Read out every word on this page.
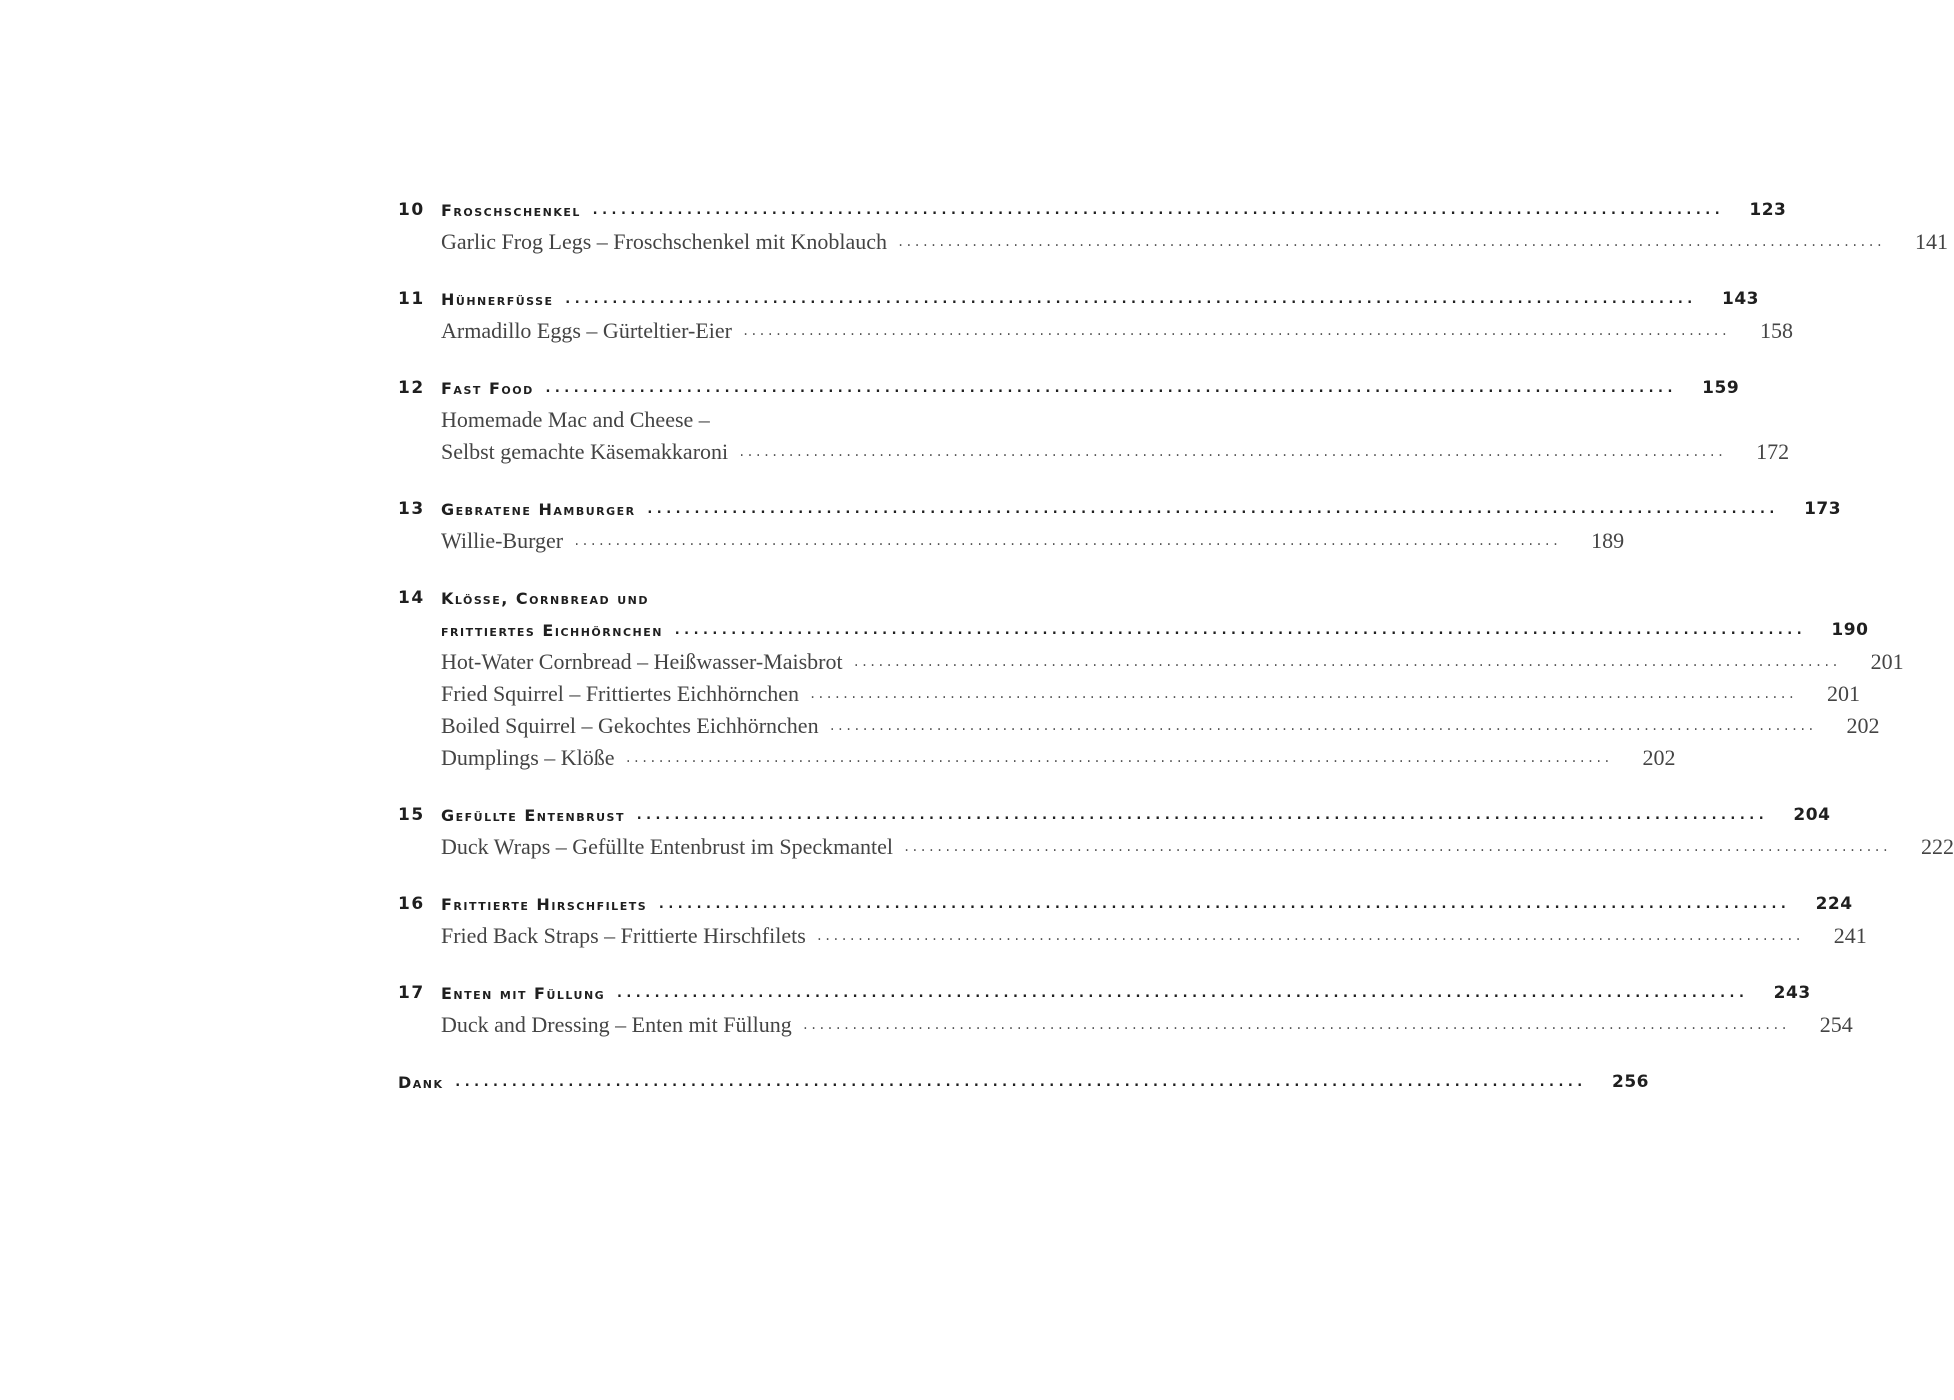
10	Froschschenkel ........................................................................................................................	123
Garlic Frog Legs – Froschschenkel mit Knoblauch ........................................................................................................................	141
11	Hühnerfüsse ........................................................................................................................	143
Armadillo Eggs – Gürteltier-Eier ........................................................................................................................	158
12	Fast Food ........................................................................................................................	159
Homemade Mac and Cheese –
Selbst gemachte Käsemakkaroni ........................................................................................................................	172
13	Gebratene Hamburger ........................................................................................................................	173
Willie-Burger ........................................................................................................................	189
14	Klösse, Cornbread und
frittiertes Eichhörnchen ........................................................................................................................	190
Hot-Water Cornbread – Heißwasser-Maisbrot ........................................................................................................................	201
Fried Squirrel – Frittiertes Eichhörnchen ........................................................................................................................	201
Boiled Squirrel – Gekochtes Eichhörnchen ........................................................................................................................	202
Dumplings – Klöße ........................................................................................................................	202
15	Gefüllte Entenbrust ........................................................................................................................	204
Duck Wraps – Gefüllte Entenbrust im Speckmantel ........................................................................................................................	222
16	Frittierte Hirschfilets ........................................................................................................................	224
Fried Back Straps – Frittierte Hirschfilets ........................................................................................................................	241
17	Enten mit Füllung ........................................................................................................................	243
Duck and Dressing – Enten mit Füllung ........................................................................................................................	254
Dank ........................................................................................................................	256
